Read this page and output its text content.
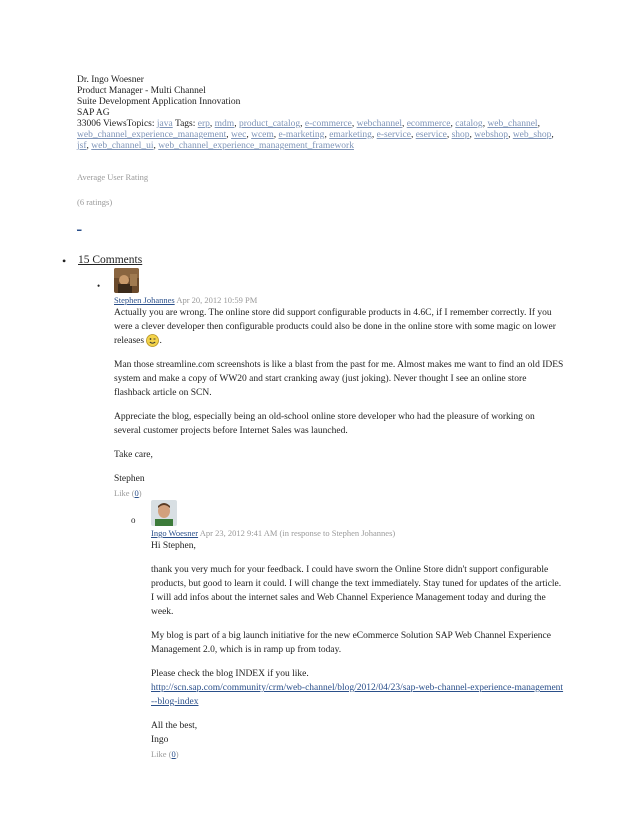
Dr. Ingo Woesner
Product Manager - Multi Channel
Suite Development Application Innovation
SAP AG
33006 ViewsTopics: java Tags: erp, mdm, product_catalog, e-commerce, webchannel, ecommerce, catalog, web_channel, web_channel_experience_management, wec, wcem, e-marketing, emarketing, e-service, eservice, shop, webshop, web_shop, jsf, web_channel_ui, web_channel_experience_management_framework
Average User Rating
(6 ratings)
_
• 15 Comments
•
Stephen Johannes Apr 20, 2012 10:59 PM

Actually you are wrong. The online store did support configurable products in 4.6C, if I remember correctly. If you were a clever developer then configurable products could also be done in the online store with some magic on lower releases .

Man those streamline.com screenshots is like a blast from the past for me. Almost makes me want to find an old IDES system and make a copy of WW20 and start cranking away (just joking). Never thought I see an online store flashback article on SCN.

Appreciate the blog, especially being an old-school online store developer who had the pleasure of working on several customer projects before Internet Sales was launched.

Take care,

Stephen
Like (0)
o
Ingo Woesner Apr 23, 2012 9:41 AM (in response to Stephen Johannes)

Hi Stephen,

thank you very much for your feedback. I could have sworn the Online Store didn't support configurable products, but good to learn it could. I will change the text immediately. Stay tuned for updates of the article. I will add infos about the internet sales and Web Channel Experience Management today and during the week.

My blog is part of a big launch initiative for the new eCommerce Solution SAP Web Channel Experience Management 2.0, which is in ramp up from today.

Please check the blog INDEX if you like.

http://scn.sap.com/community/crm/web-channel/blog/2012/04/23/sap-web-channel-experience-management--blog-index

All the best,
Ingo
Like (0)
